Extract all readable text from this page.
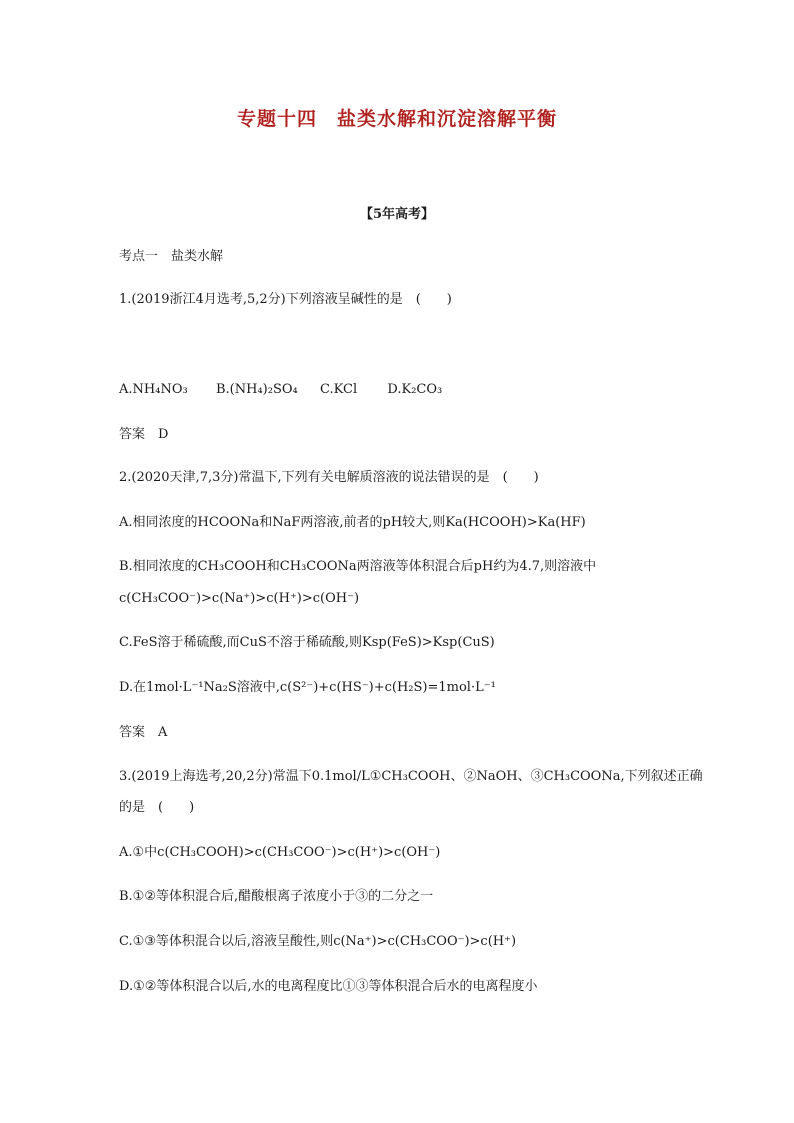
专题十四　盐类水解和沉淀溶解平衡
【5年高考】
考点一　盐类水解
1.(2019浙江4月选考,5,2分)下列溶液呈碱性的是　(　　)
A.NH₄NO₃ B.(NH₄)₂SO₄ C.KCl D.K₂CO₃
答案　D
2.(2020天津,7,3分)常温下,下列有关电解质溶液的说法错误的是　(　　)
A.相同浓度的HCOONa和NaF两溶液,前者的pH较大,则Ka(HCOOH)>Ka(HF)
B.相同浓度的CH₃COOH和CH₃COONa两溶液等体积混合后pH约为4.7,则溶液中
c(CH₃COO⁻)>c(Na⁺)>c(H⁺)>c(OH⁻)
C.FeS溶于稀硫酸,而CuS不溶于稀硫酸,则Ksp(FeS)>Ksp(CuS)
D.在1mol·L⁻¹Na₂S溶液中,c(S²⁻)+c(HS⁻)+c(H₂S)=1mol·L⁻¹
答案　A
3.(2019上海选考,20,2分)常温下0.1mol/L①CH₃COOH、②NaOH、③CH₃COONa,下列叙述正确
的是　(　　)
A.①中c(CH₃COOH)>c(CH₃COO⁻)>c(H⁺)>c(OH⁻)
B.①②等体积混合后,醋酸根离子浓度小于③的二分之一
C.①③等体积混合以后,溶液呈酸性,则c(Na⁺)>c(CH₃COO⁻)>c(H⁺)
D.①②等体积混合以后,水的电离程度比①③等体积混合后水的电离程度小
